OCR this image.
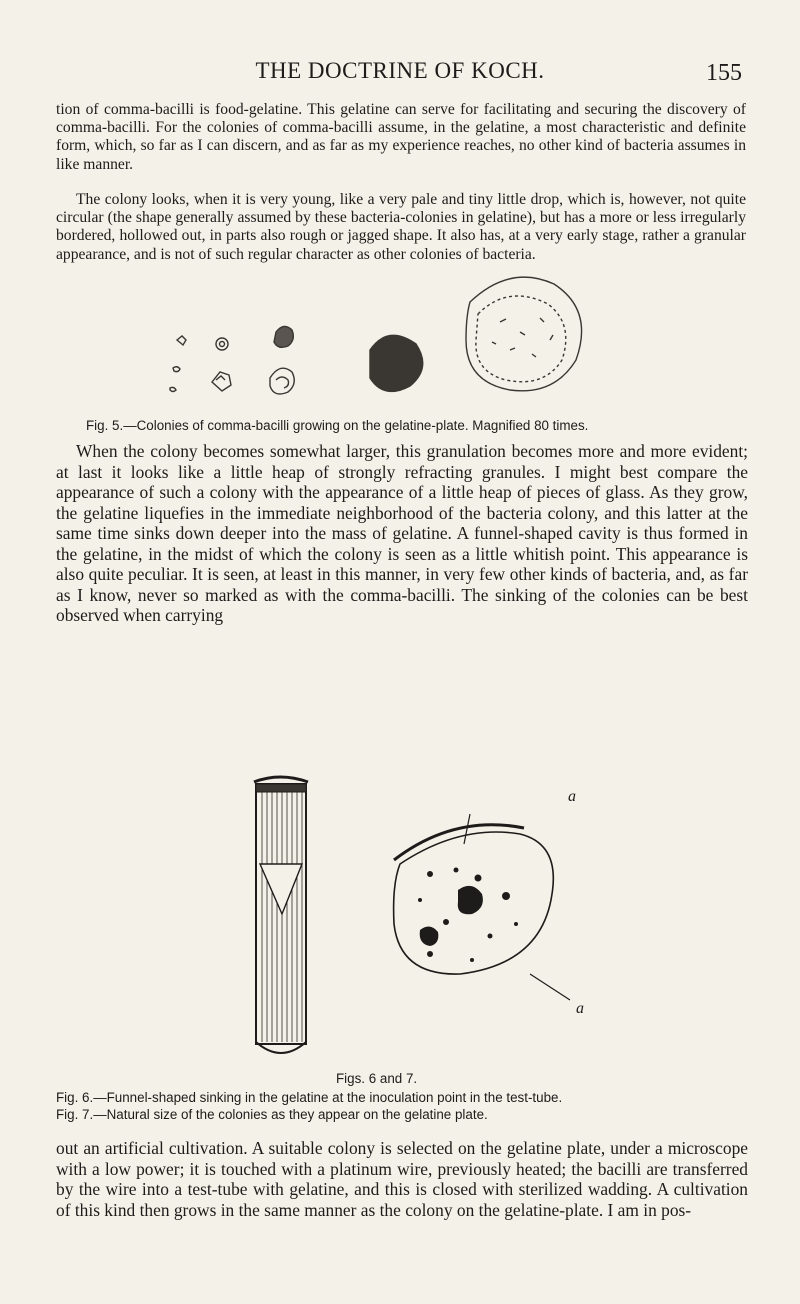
THE DOCTRINE OF KOCH.	155

tion of comma-bacilli is food-gelatine. This gelatine can serve for facilitating and securing the discovery of comma-bacilli. For the colonies of comma-bacilli assume, in the gelatine, a most characteristic and definite form, which, so far as I can discern, and as far as my experience reaches, no other kind of bacteria assumes in like manner.

The colony looks, when it is very young, like a very pale and tiny little drop, which is, however, not quite circular (the shape generally assumed by these bacteria-colonies in gelatine), but has a more or less irregularly bordered, hollowed out, in parts also rough or jagged shape. It also has, at a very early stage, rather a granular appearance, and is not of such regular character as other colonies of bacteria.

Fig. 5.—Colonies of comma-bacilli growing on the gelatine-plate. Magnified 80 times.

When the colony becomes somewhat larger, this granulation becomes more and more evident; at last it looks like a little heap of strongly refracting granules. I might best compare the appearance of such a colony with the appearance of a little heap of pieces of glass. As they grow, the gelatine liquefies in the immediate neighborhood of the bacteria colony, and this latter at the same time sinks down deeper into the mass of gelatine. A funnel-shaped cavity is thus formed in the gelatine, in the midst of which the colony is seen as a little whitish point. This appearance is also quite peculiar. It is seen, at least in this manner, in very few other kinds of bacteria, and, as far as I know, never so marked as with the comma-bacilli. The sinking of the colonies can be best observed when carrying

a
a

Figs. 6 and 7.

Fig. 6.—Funnel-shaped sinking in the gelatine at the inoculation point in the test-tube.

Fig. 7.—Natural size of the colonies as they appear on the gelatine plate.

out an artificial cultivation. A suitable colony is selected on the gelatine plate, under a microscope with a low power; it is touched with a platinum wire, previously heated; the bacilli are transferred by the wire into a test-tube with gelatine, and this is closed with sterilized wadding. A cultivation of this kind then grows in the same manner as the colony on the gelatine-plate. I am in pos-
